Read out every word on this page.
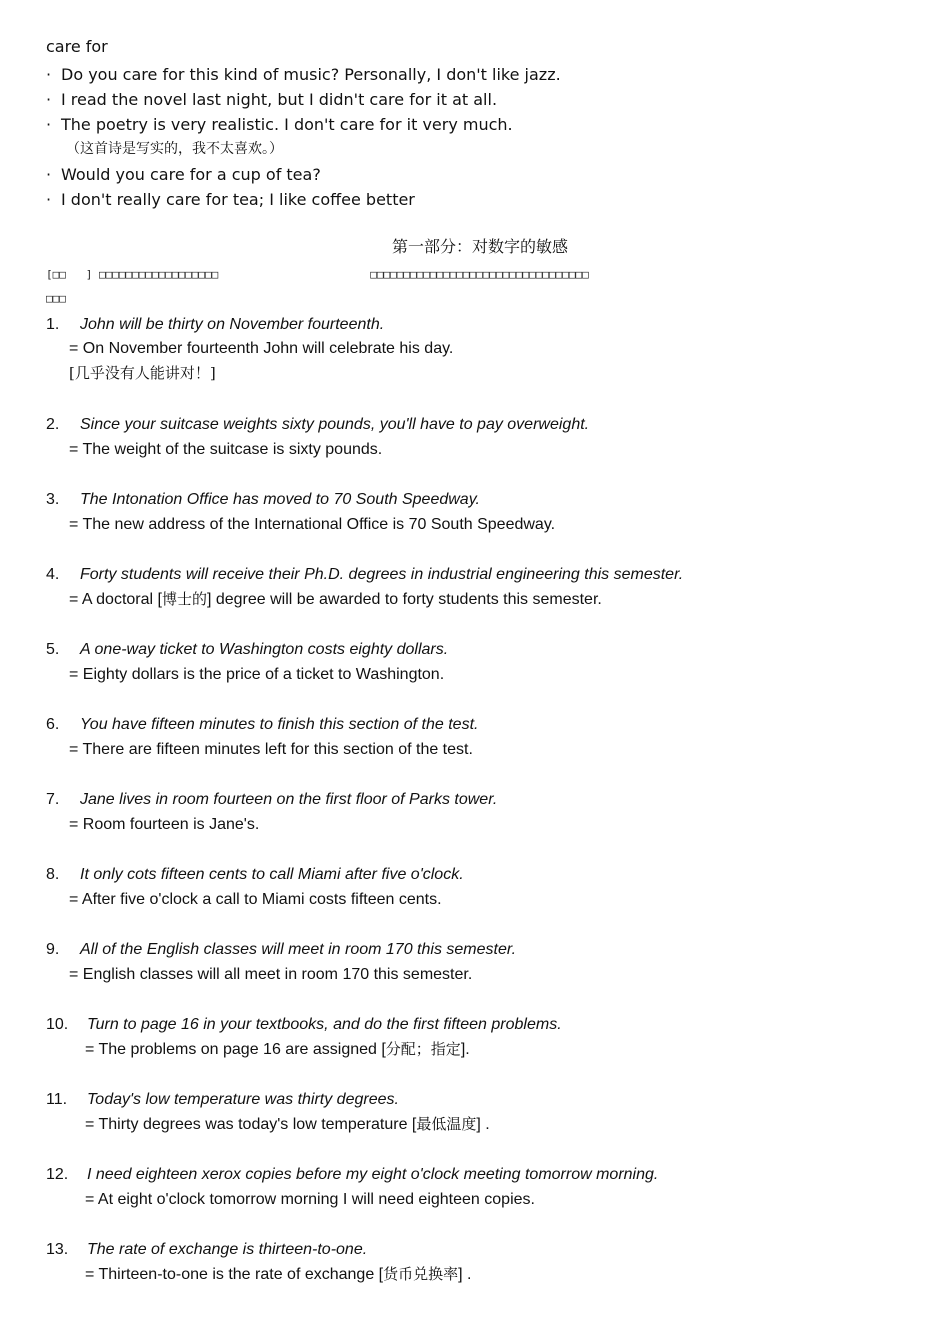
care for
· Do you care for this kind of music? Personally, I don't like jazz.
· I read the novel last night, but I didn't care for it at all.
· The poetry is very realistic. I don't care for it very much.
（这首诗是写实的，我不太喜欢。）
· Would you care for a cup of tea?
· I don't really care for tea; I like coffee better
第一部分：对数字的敏感
[□□ ] □□□□□□□□□□□□□□□□□□	□□□□□□□□□□□□□□□□□□□□□□□□□□□□□□□□□
□□□
1.	John will be thirty on November fourteenth.
= On November fourteenth John will celebrate his day.
[几乎没有人能讲对！]
2.	Since your suitcase weights sixty pounds, you'll have to pay overweight.
= The weight of the suitcase is sixty pounds.
3.	The Intonation Office has moved to 70 South Speedway.
= The new address of the International Office is 70 South Speedway.
4.	Forty students will receive their Ph.D. degrees in industrial engineering this semester.
= A doctoral [博士的] degree will be awarded to forty students this semester.
5.	A one-way ticket to Washington costs eighty dollars.
= Eighty dollars is the price of a ticket to Washington.
6.	You have fifteen minutes to finish this section of the test.
= There are fifteen minutes left for this section of the test.
7.	Jane lives in room fourteen on the first floor of Parks tower.
= Room fourteen is Jane's.
8.	It only cots fifteen cents to call Miami after five o'clock.
= After five o'clock a call to Miami costs fifteen cents.
9.	All of the English classes will meet in room 170 this semester.
= English classes will all meet in room 170 this semester.
10.	Turn to page 16 in your textbooks, and do the first fifteen problems.
= The problems on page 16 are assigned [分配；指定].
11.	Today's low temperature was thirty degrees.
= Thirty degrees was today's low temperature [最低温度] .
12.	I need eighteen xerox copies before my eight o'clock meeting tomorrow morning.
= At eight o'clock tomorrow morning I will need eighteen copies.
13.	The rate of exchange is thirteen-to-one.
= Thirteen-to-one is the rate of exchange [货币兑换率] .
